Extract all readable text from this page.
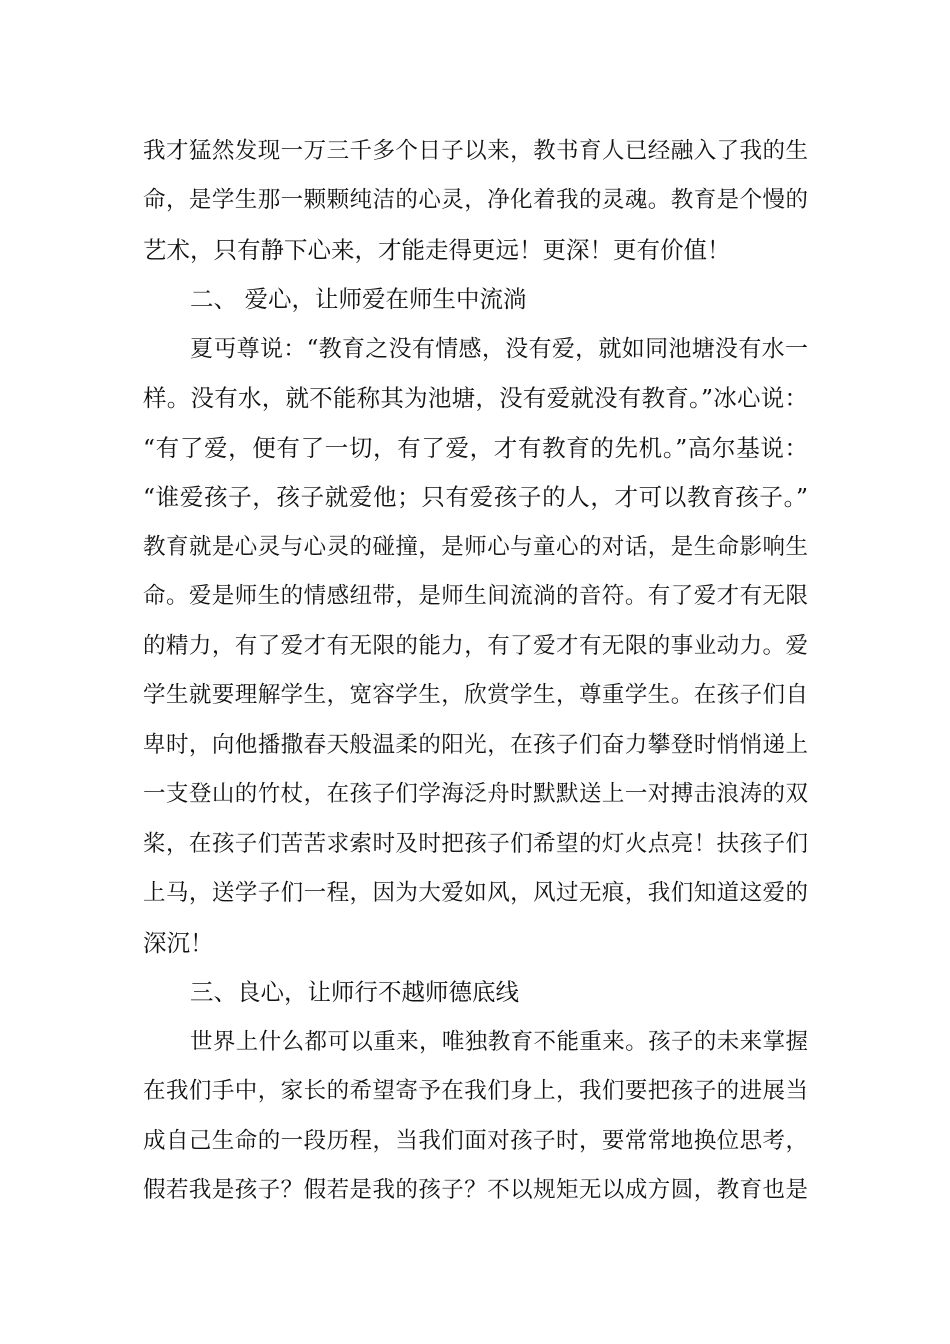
我才猛然发现一万三千多个日子以来，教书育人已经融入了我的生
命，是学生那一颗颗纯洁的心灵，净化着我的灵魂。教育是个慢的
艺术，只有静下心来，才能走得更远！更深！更有价值！
二、 爱心，让师爱在师生中流淌
夏丏尊说：“教育之没有情感，没有爱，就如同池塘没有水一
样。没有水，就不能称其为池塘，没有爱就没有教育。”冰心说：
“有了爱，便有了一切，有了爱，才有教育的先机。”高尔基说：
“谁爱孩子，孩子就爱他；只有爱孩子的人，才可以教育孩子。”
教育就是心灵与心灵的碰撞，是师心与童心的对话，是生命影响生
命。爱是师生的情感纽带，是师生间流淌的音符。有了爱才有无限
的精力，有了爱才有无限的能力，有了爱才有无限的事业动力。爱
学生就要理解学生，宽容学生，欣赏学生，尊重学生。在孩子们自
卑时，向他播撒春天般温柔的阳光，在孩子们奋力攀登时悄悄递上
一支登山的竹杖，在孩子们学海泛舟时默默送上一对搏击浪涛的双
桨，在孩子们苦苦求索时及时把孩子们希望的灯火点亮！扶孩子们
上马，送学子们一程，因为大爱如风，风过无痕，我们知道这爱的
深沉！
三、良心，让师行不越师德底线
世界上什么都可以重来，唯独教育不能重来。孩子的未来掌握
在我们手中，家长的希望寄予在我们身上，我们要把孩子的进展当
成自己生命的一段历程，当我们面对孩子时，要常常地换位思考，
假若我是孩子？假若是我的孩子？不以规矩无以成方圆，教育也是
